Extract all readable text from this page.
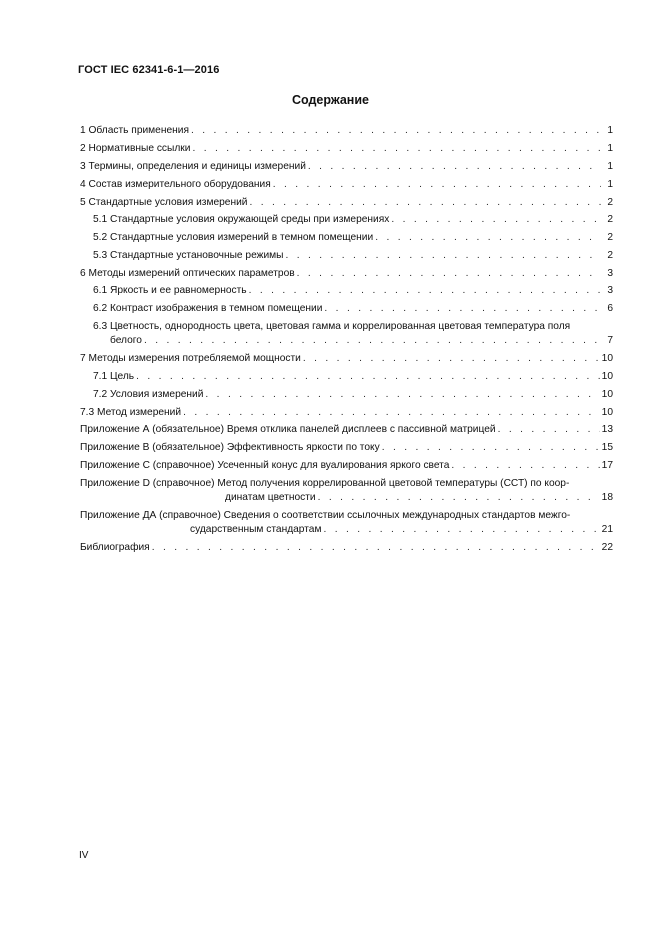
ГОСТ IEC 62341-6-1—2016
Содержание
1 Область применения . . .	1
2 Нормативные ссылки . . .	1
3 Термины, определения и единицы измерений . . .	1
4 Состав измерительного оборудования . . .	1
5 Стандартные условия измерений . . .	2
5.1 Стандартные условия окружающей среды при измерениях . . .	2
5.2 Стандартные условия измерений в темном помещении . . .	2
5.3 Стандартные установочные режимы . . .	2
6 Методы измерений оптических параметров . . .	3
6.1 Яркость и ее равномерность . . .	3
6.2 Контраст изображения в темном помещении . . .	6
6.3 Цветность, однородность цвета, цветовая гамма и коррелированная цветовая температура поля
белого . . .	7
7 Методы измерения потребляемой мощности . . .	10
7.1 Цель . . .	10
7.2 Условия измерений . . .	10
7.3 Метод измерений . . .	10
Приложение А (обязательное) Время отклика панелей дисплеев с пассивной матрицей . . .	13
Приложение В (обязательное) Эффективность яркости по току . . .	15
Приложение С (справочное) Усеченный конус для вуалирования яркого света . . .	17
Приложение D (справочное) Метод получения коррелированной цветовой температуры (ССТ) по коор-
динатам цветности . . .	18
Приложение ДА (справочное) Сведения о соответствии ссылочных международных стандартов межго-
сударственным стандартам . . .	21
Библиография . . .	22
IV
